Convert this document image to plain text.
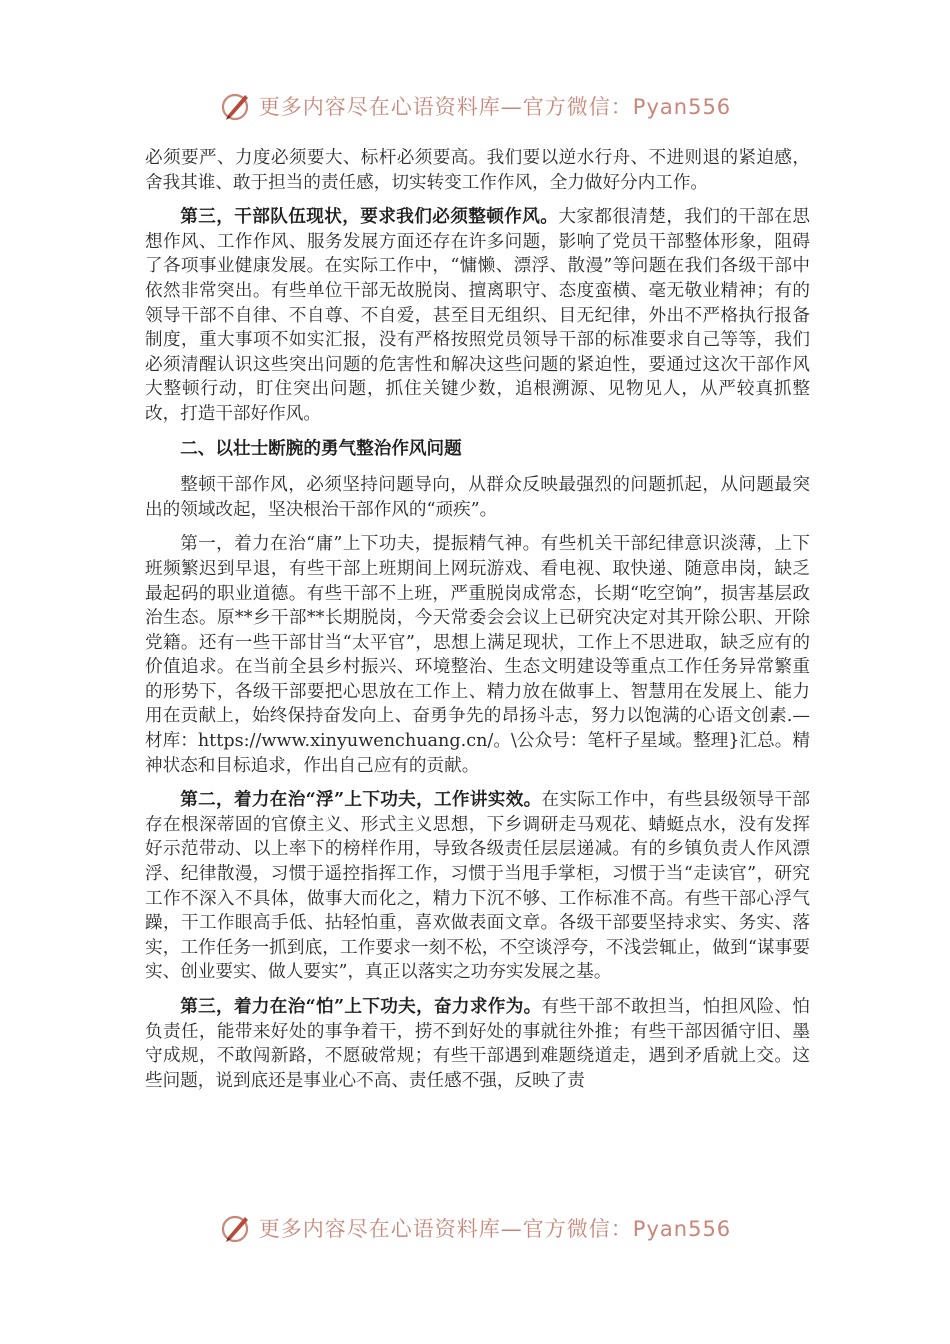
更多内容尽在心语资料库—官方微信：Pyan556

必须要严、力度必须要大、标杆必须要高。我们要以逆水行舟、不进则退的紧迫感，舍我其谁、敢于担当的责任感，切实转变工作作风，全力做好分内工作。

第三，干部队伍现状，要求我们必须整顿作风。大家都很清楚，我们的干部在思想作风、工作作风、服务发展方面还存在许多问题，影响了党员干部整体形象，阻碍了各项事业健康发展。在实际工作中，“慵懒、漂浮、散漫”等问题在我们各级干部中依然非常突出。有些单位干部无故脱岗、擅离职守、态度蛮横、毫无敬业精神；有的领导干部不自律、不自尊、不自爱，甚至目无组织、目无纪律，外出不严格执行报备制度，重大事项不如实汇报，没有严格按照党员领导干部的标准要求自己等等，我们必须清醒认识这些突出问题的危害性和解决这些问题的紧迫性，要通过这次干部作风大整顿行动，盯住突出问题，抓住关键少数，追根溯源、见物见人，从严较真抓整改，打造干部好作风。

二、以壮士断腕的勇气整治作风问题

整顿干部作风，必须坚持问题导向，从群众反映最强烈的问题抓起，从问题最突出的领域改起，坚决根治干部作风的“顽疾”。

第一，着力在治“庸”上下功夫，提振精气神。有些机关干部纪律意识淡薄，上下班频繁迟到早退，有些干部上班期间上网玩游戏、看电视、取快递、随意串岗，缺乏最起码的职业道德。有些干部不上班，严重脱岗成常态，长期“吃空饷”，损害基层政治生态。原**乡干部**长期脱岗，今天常委会会议上已研究决定对其开除公职、开除党籍。还有一些干部甘当“太平官”，思想上满足现状，工作上不思进取，缺乏应有的价值追求。在当前全县乡村振兴、环境整治、生态文明建设等重点工作任务异常繁重的形势下，各级干部要把心思放在工作上、精力放在做事上、智慧用在发展上、能力用在贡献上，始终保持奋发向上、奋勇争先的昂扬斗志，努力以饱满的心语文创素.—材库：https://www.xinyuwenchuang.cn/。\公众号：笔杆子星域。整理}汇总。精神状态和目标追求，作出自己应有的贡献。

第二，着力在治“浮”上下功夫，工作讲实效。在实际工作中，有些县级领导干部存在根深蒂固的官僚主义、形式主义思想，下乡调研走马观花、蜻蜓点水，没有发挥好示范带动、以上率下的榜样作用，导致各级责任层层递减。有的乡镇负责人作风漂浮、纪律散漫，习惯于遥控指挥工作，习惯于当甩手掌柜，习惯于当“走读官”，研究工作不深入不具体，做事大而化之，精力下沉不够、工作标准不高。有些干部心浮气躁，干工作眼高手低、拈轻怕重，喜欢做表面文章。各级干部要坚持求实、务实、落实，工作任务一抓到底，工作要求一刻不松，不空谈浮夸，不浅尝辄止，做到“谋事要实、创业要实、做人要实”，真正以落实之功夯实发展之基。

第三，着力在治“怕”上下功夫，奋力求作为。有些干部不敢担当，怕担风险、怕负责任，能带来好处的事争着干，捞不到好处的事就往外推；有些干部因循守旧、墨守成规，不敢闯新路，不愿破常规；有些干部遇到难题绕道走，遇到矛盾就上交。这些问题，说到底还是事业心不高、责任感不强，反映了责

更多内容尽在心语资料库—官方微信：Pyan556
